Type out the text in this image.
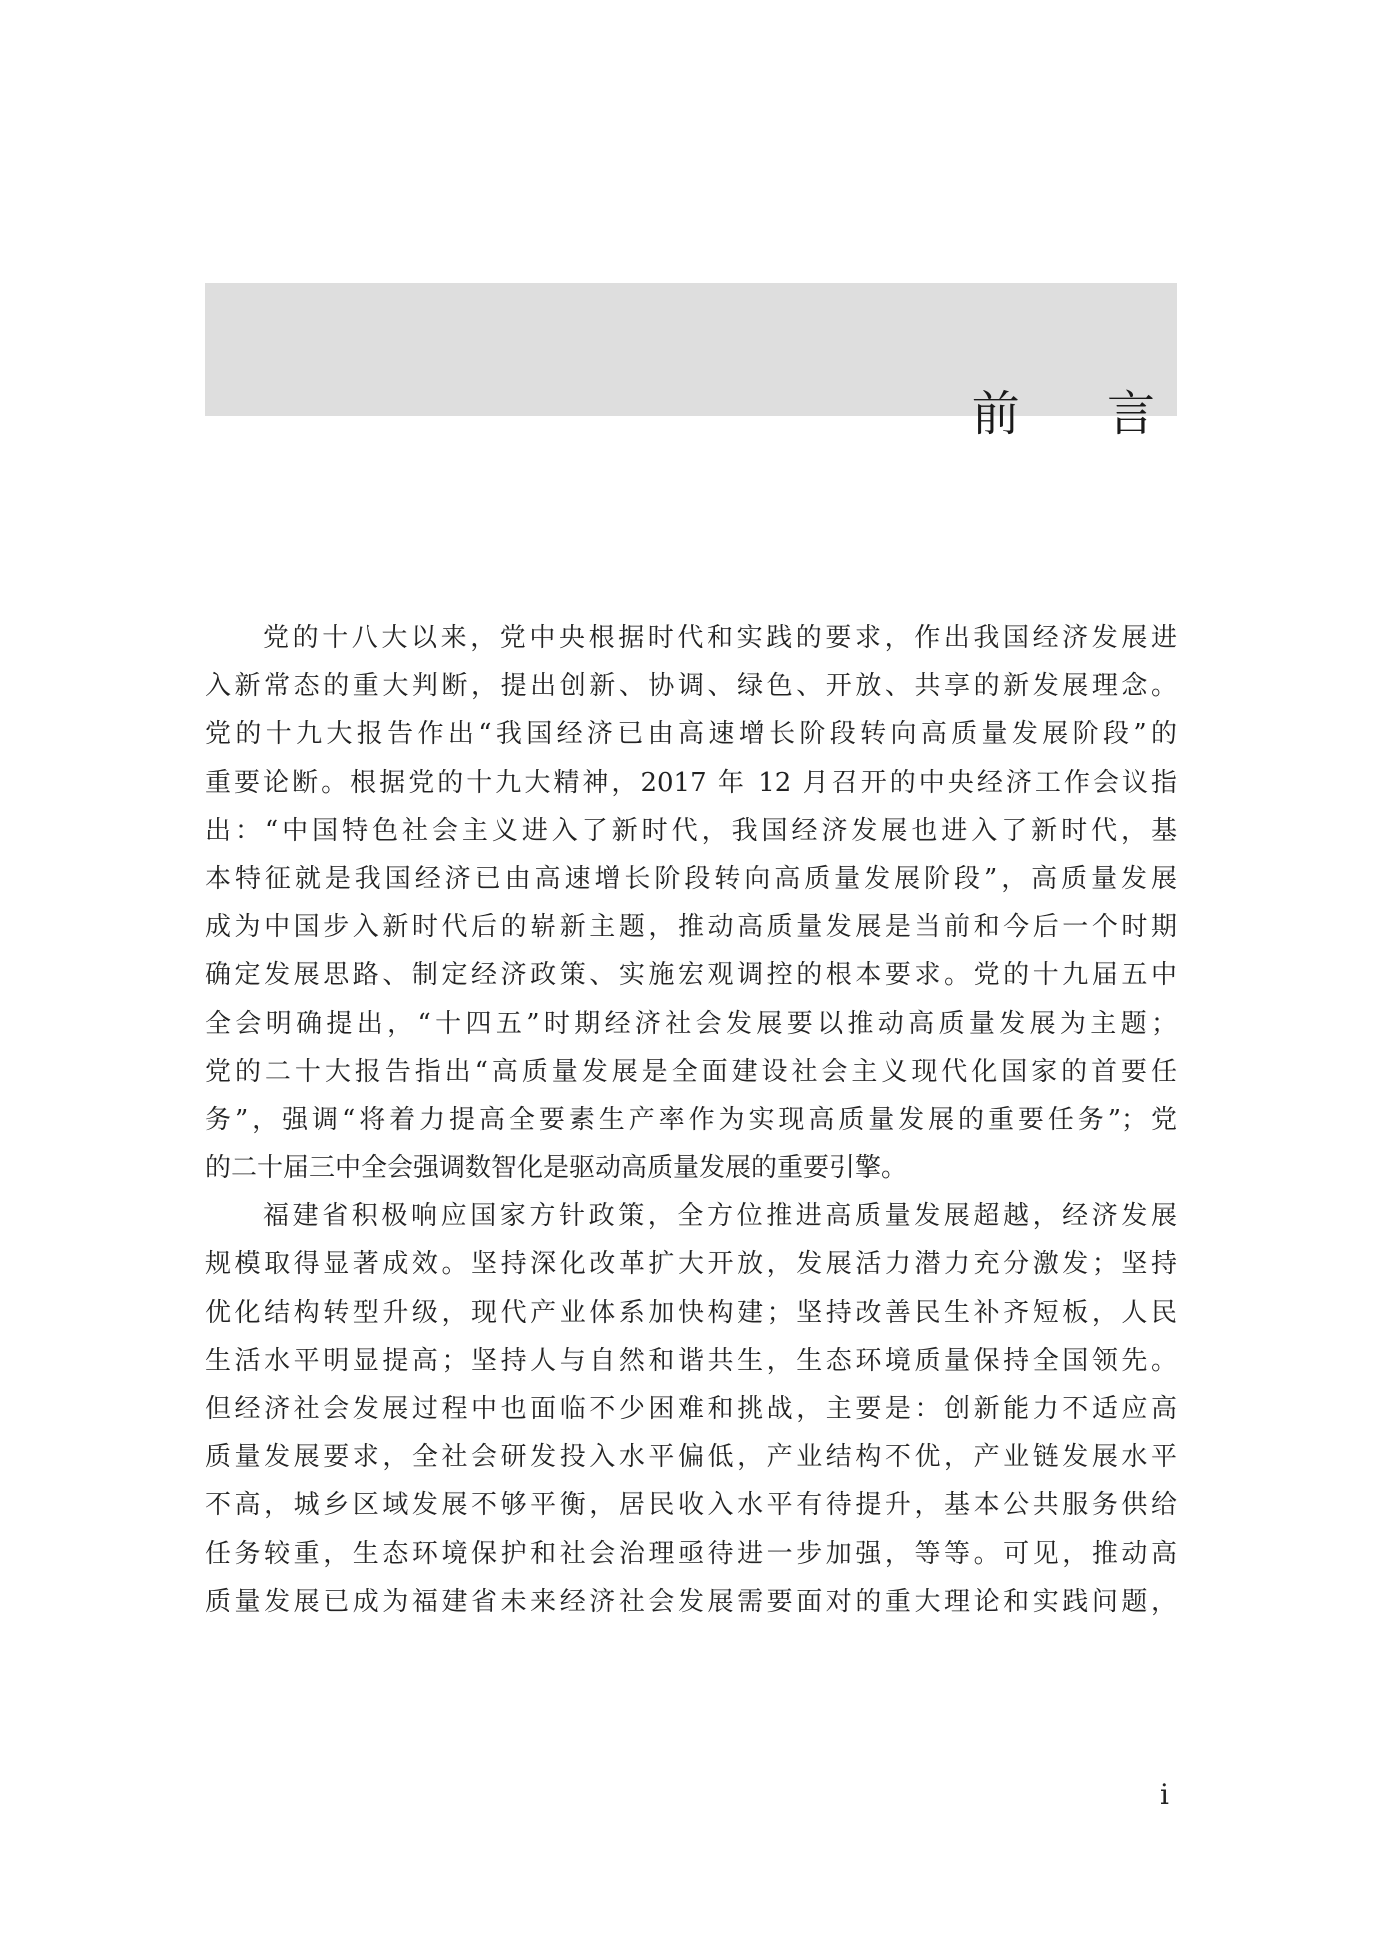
前 言
党的十八大以来，党中央根据时代和实践的要求，作出我国经济发展进
入新常态的重大判断，提出创新、协调、绿色、开放、共享的新发展理念。
党的十九大报告作出“我国经济已由高速增长阶段转向高质量发展阶段”的
重要论断。根据党的十九大精神，2017 年 12 月召开的中央经济工作会议指
出：“中国特色社会主义进入了新时代，我国经济发展也进入了新时代，基
本特征就是我国经济已由高速增长阶段转向高质量发展阶段”，高质量发展
成为中国步入新时代后的崭新主题，推动高质量发展是当前和今后一个时期
确定发展思路、制定经济政策、实施宏观调控的根本要求。党的十九届五中
全会明确提出，“十四五”时期经济社会发展要以推动高质量发展为主题；
党的二十大报告指出“高质量发展是全面建设社会主义现代化国家的首要任
务”，强调“将着力提高全要素生产率作为实现高质量发展的重要任务”；党
的二十届三中全会强调数智化是驱动高质量发展的重要引擎。
福建省积极响应国家方针政策，全方位推进高质量发展超越，经济发展
规模取得显著成效。坚持深化改革扩大开放，发展活力潜力充分激发；坚持
优化结构转型升级，现代产业体系加快构建；坚持改善民生补齐短板，人民
生活水平明显提高；坚持人与自然和谐共生，生态环境质量保持全国领先。
但经济社会发展过程中也面临不少困难和挑战，主要是：创新能力不适应高
质量发展要求，全社会研发投入水平偏低，产业结构不优，产业链发展水平
不高，城乡区域发展不够平衡，居民收入水平有待提升，基本公共服务供给
任务较重，生态环境保护和社会治理亟待进一步加强，等等。可见，推动高
质量发展已成为福建省未来经济社会发展需要面对的重大理论和实践问题，
i
